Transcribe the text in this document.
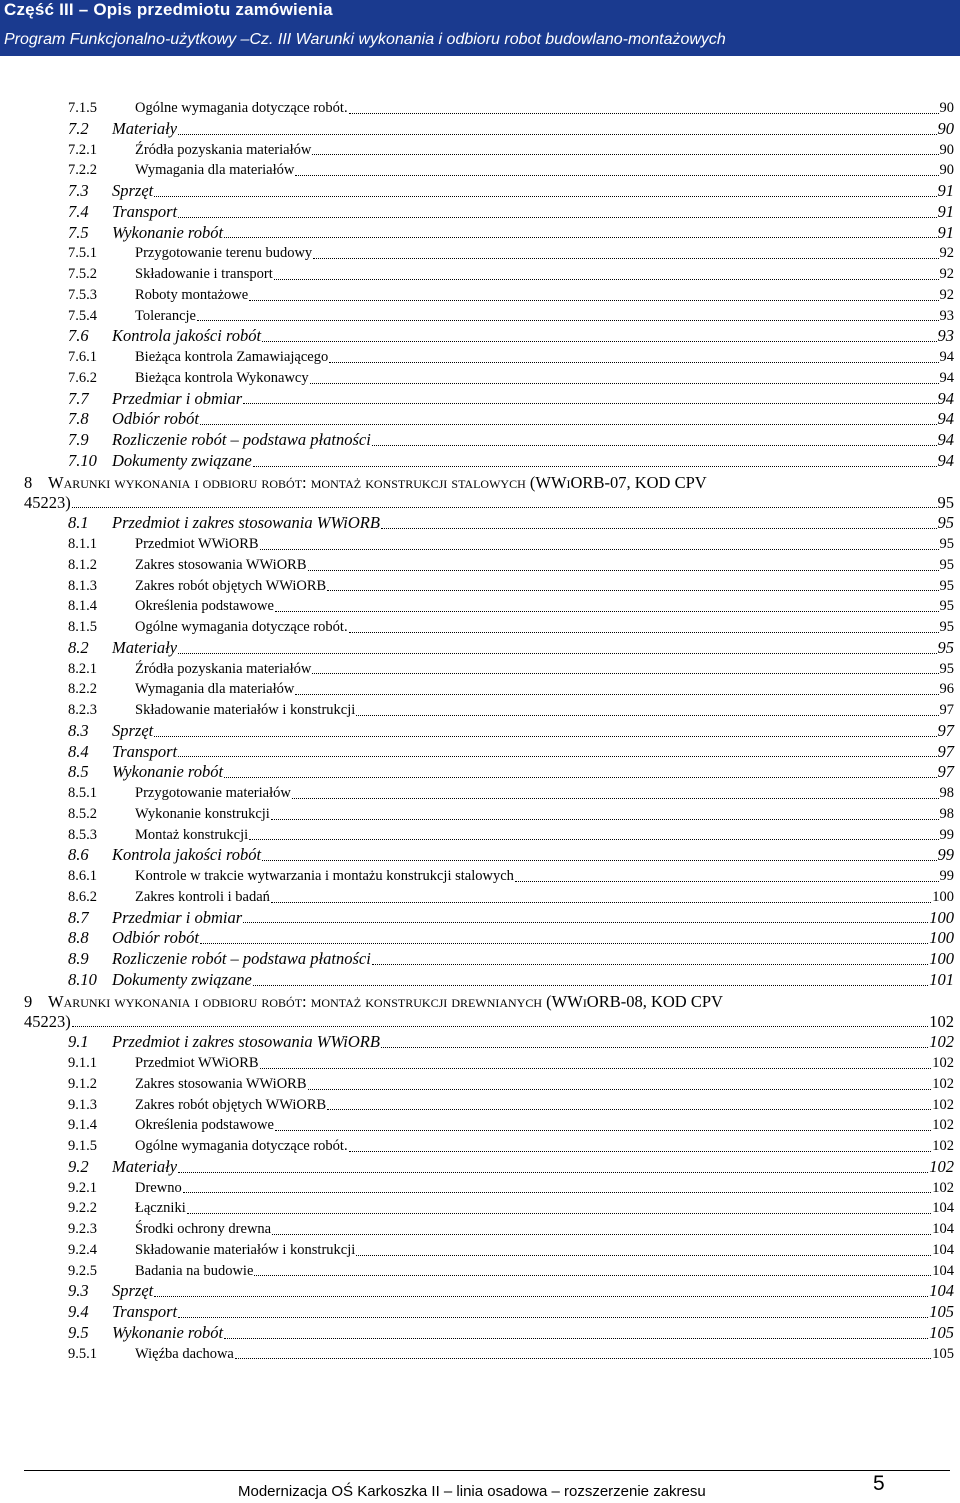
Część III – Opis przedmiotu zamówienia
Program Funkcjonalno-użytkowy –Cz. III Warunki wykonania i odbioru robot budowlano-montażowych
7.1.5	Ogólne wymagania dotyczące robót.	90
7.2 Materiały	90
7.2.1	Źródła pozyskania materiałów	90
7.2.2	Wymagania dla materiałów	90
7.3 Sprzęt	91
7.4 Transport	91
7.5 Wykonanie robót	91
7.5.1	Przygotowanie terenu budowy	92
7.5.2	Składowanie i transport	92
7.5.3	Roboty montażowe	92
7.5.4	Tolerancje	93
7.6 Kontrola jakości robót	93
7.6.1	Bieżąca kontrola Zamawiającego	94
7.6.2	Bieżąca kontrola Wykonawcy	94
7.7 Przedmiar i obmiar	94
7.8 Odbiór robót	94
7.9 Rozliczenie robót – podstawa płatności	94
7.10 Dokumenty związane	94
8 Warunki wykonania i odbioru robót: montaż konstrukcji stalowych (WWiORB-07, KOD CPV
45223)	95
8.1 Przedmiot i zakres stosowania WWiORB	95
8.1.1	Przedmiot WWiORB	95
8.1.2	Zakres stosowania WWiORB	95
8.1.3	Zakres robót objętych WWiORB	95
8.1.4	Określenia podstawowe	95
8.1.5	Ogólne wymagania dotyczące robót.	95
8.2 Materiały	95
8.2.1	Źródła pozyskania materiałów	95
8.2.2	Wymagania dla materiałów	96
8.2.3	Składowanie materiałów i konstrukcji	97
8.3 Sprzęt	97
8.4 Transport	97
8.5 Wykonanie robót	97
8.5.1	Przygotowanie materiałów	98
8.5.2	Wykonanie konstrukcji	98
8.5.3	Montaż konstrukcji	99
8.6 Kontrola jakości robót	99
8.6.1	Kontrole w trakcie wytwarzania i montażu konstrukcji stalowych	99
8.6.2	Zakres kontroli i badań	100
8.7 Przedmiar i obmiar	100
8.8 Odbiór robót	100
8.9 Rozliczenie robót – podstawa płatności	100
8.10 Dokumenty związane	101
9 Warunki wykonania i odbioru robót: montaż konstrukcji drewnianych (WWiORB-08, KOD CPV
45223)	102
9.1 Przedmiot i zakres stosowania WWiORB	102
9.1.1	Przedmiot WWiORB	102
9.1.2	Zakres stosowania WWiORB	102
9.1.3	Zakres robót objętych WWiORB	102
9.1.4	Określenia podstawowe	102
9.1.5	Ogólne wymagania dotyczące robót.	102
9.2 Materiały	102
9.2.1	Drewno	102
9.2.2	Łączniki	104
9.2.3	Środki ochrony drewna	104
9.2.4	Składowanie materiałów i konstrukcji	104
9.2.5	Badania na budowie	104
9.3 Sprzęt	104
9.4 Transport	105
9.5 Wykonanie robót	105
9.5.1	Więźba dachowa	105
Modernizacja OŚ Karkoszka II – linia osadowa – rozszerzenie zakresu	5
